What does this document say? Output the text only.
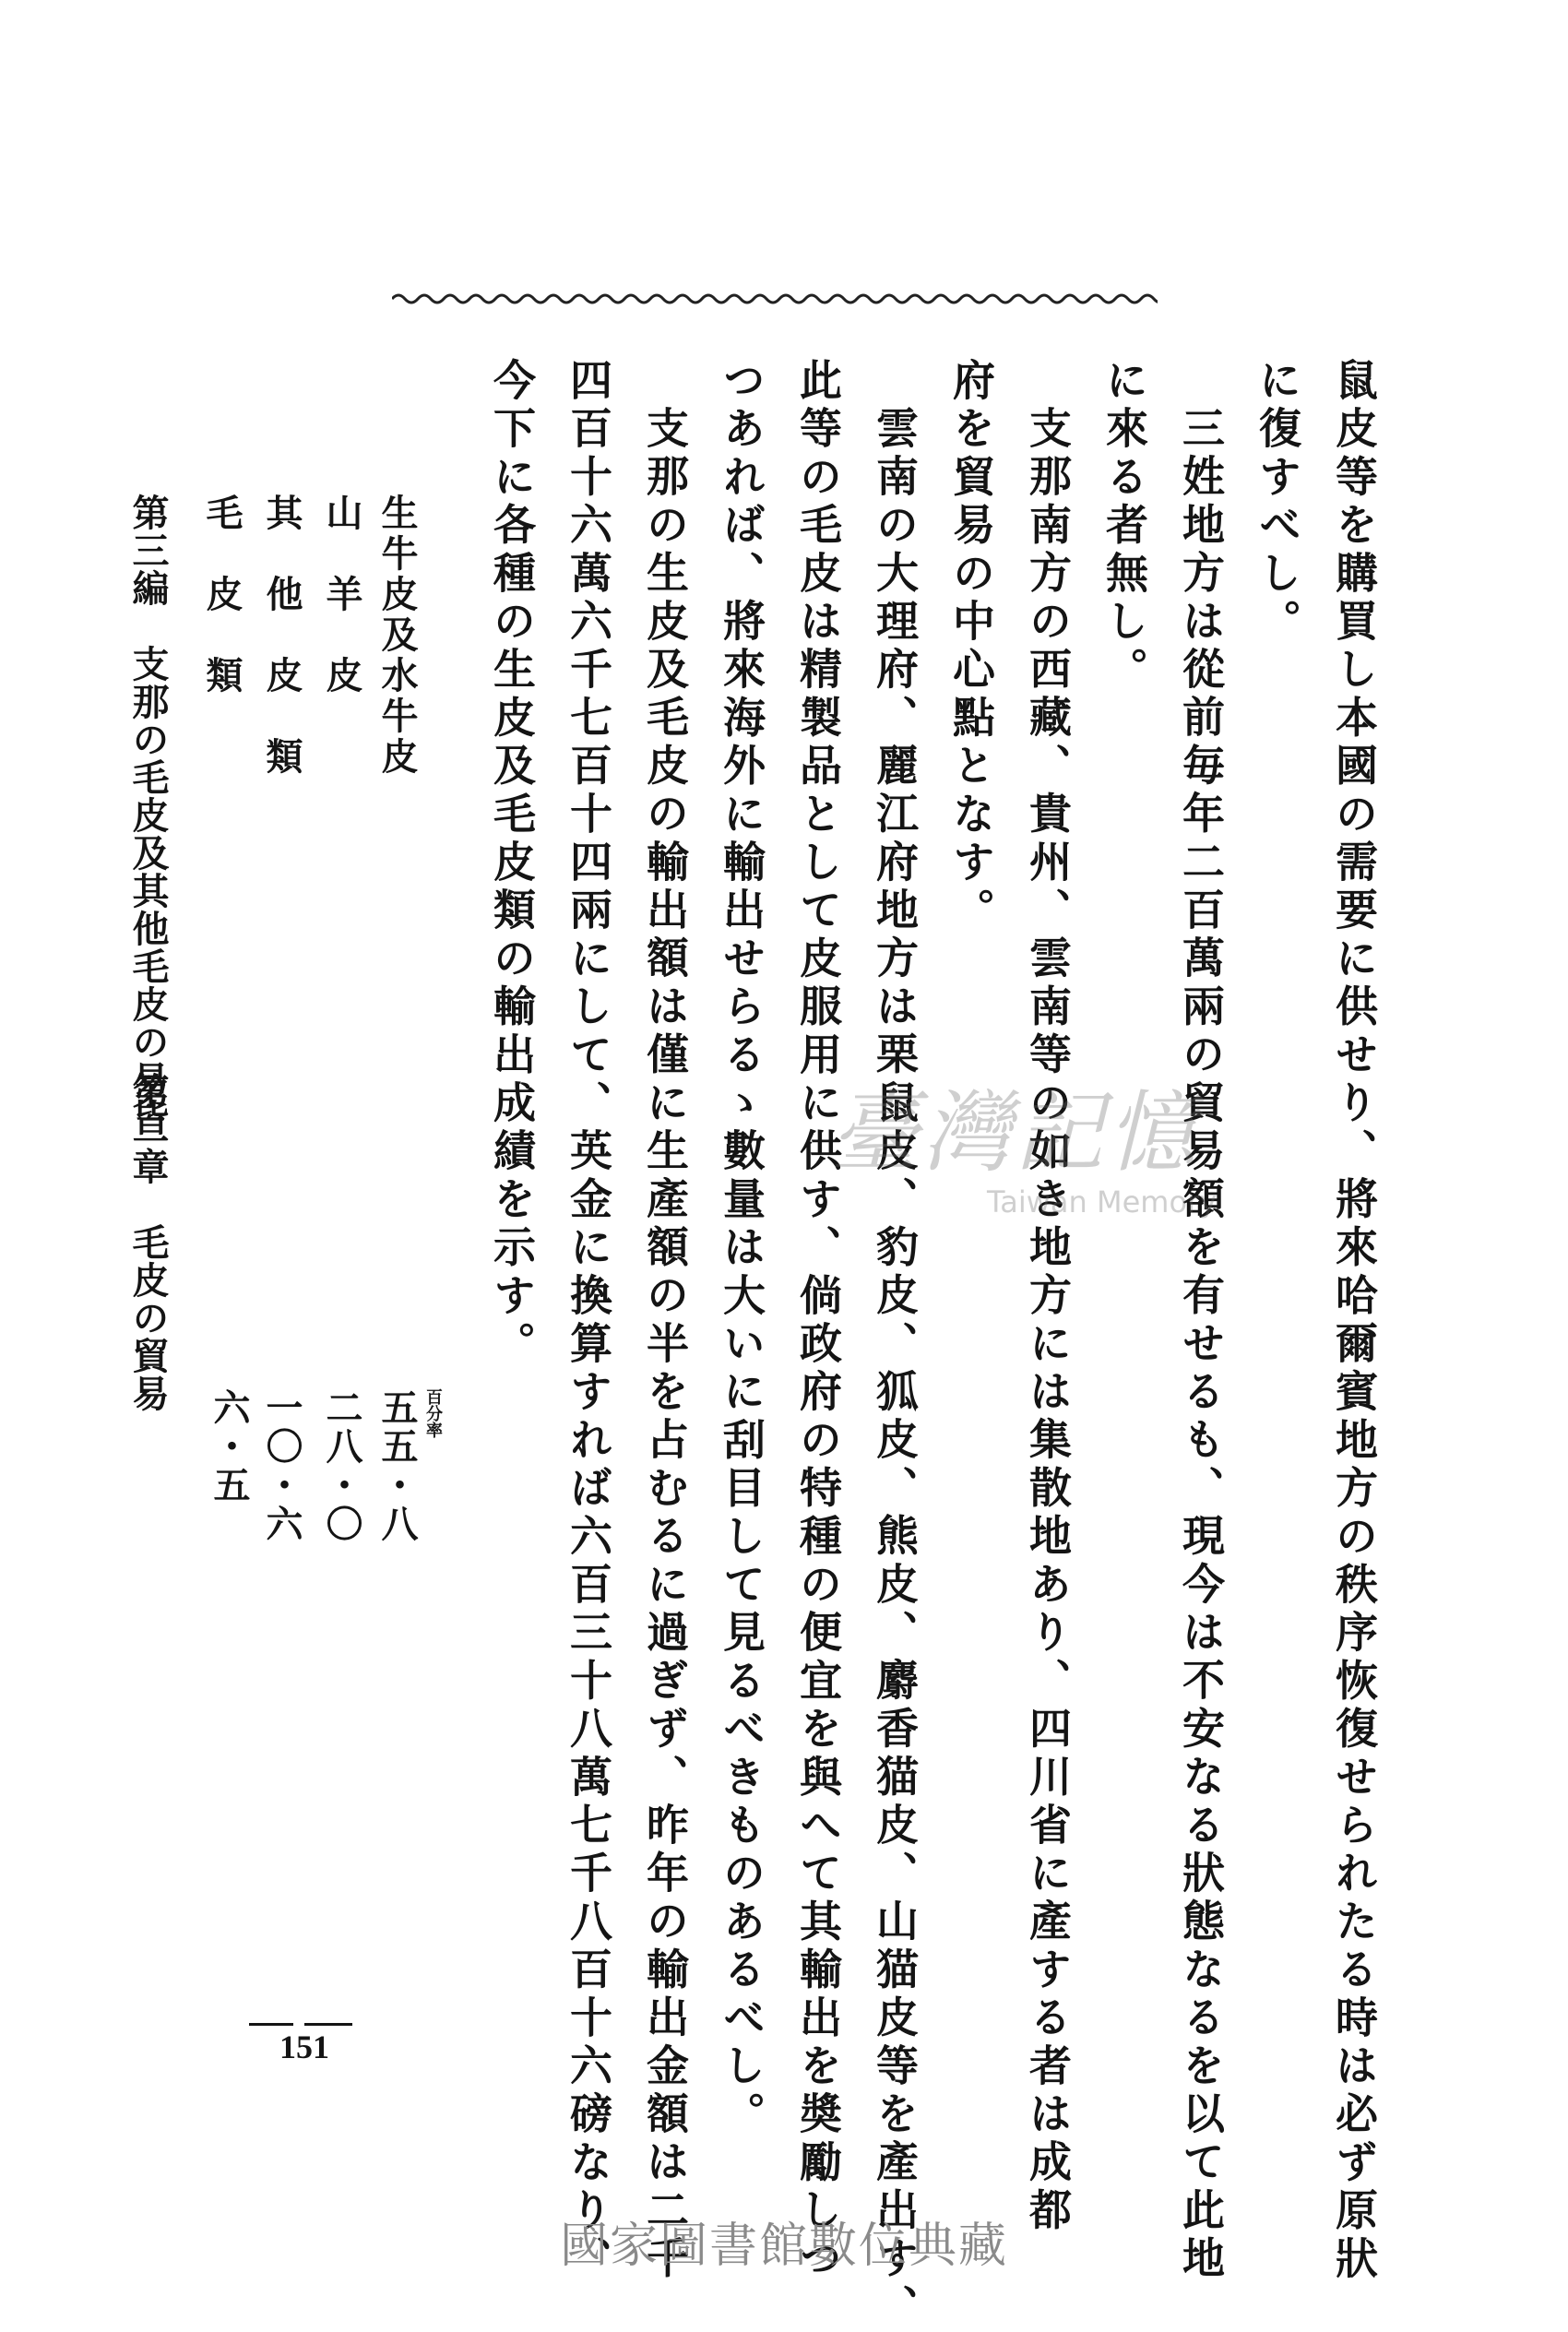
に復すべし。 鼠皮等を購買し本國の需要に供せり、將來哈爾賓地方の秩序恢復せられたる時は必ず原狀
三姓地方は從前毎年二百萬兩の貿易額を有せるも、現今は不安なる狀態なるを以て此地
に來る者無し。
支那南方の西藏、貴州、雲南等の如き地方には集散地あり、四川省に產する者は成都
府を貿易の中心點となす。
雲南の大理府、麗江府地方は栗鼠皮、豹皮、狐皮、熊皮、麝香猫皮、山猫皮等を產出す、
此等の毛皮は精製品として皮服用に供す、倘政府の特種の便宜を與へて其輸出を奬勵しつ
つあれば、將來海外に輸出せらるゝ數量は大いに刮目して見るべきものあるべし。
支那の生皮及毛皮の輸出額は僅に生產額の半を占むるに過ぎず、昨年の輸出金額は二千
四百十六萬六千七百十四兩にして、英金に換算すれば六百三十八萬七千八百十六磅なり、
今下に各種の生皮及毛皮類の輸出成績を示す。
生牛皮及水牛皮
五五・八 百分率
山　羊　皮
二八・〇
其　他　皮　類
一〇・六
毛　皮　類
六・五
第三編　支那の毛皮及其他毛皮の易皆
第二章　毛皮の貿易
151
臺灣記憶
Taiwan Memory
國家圖書館數位典藏
